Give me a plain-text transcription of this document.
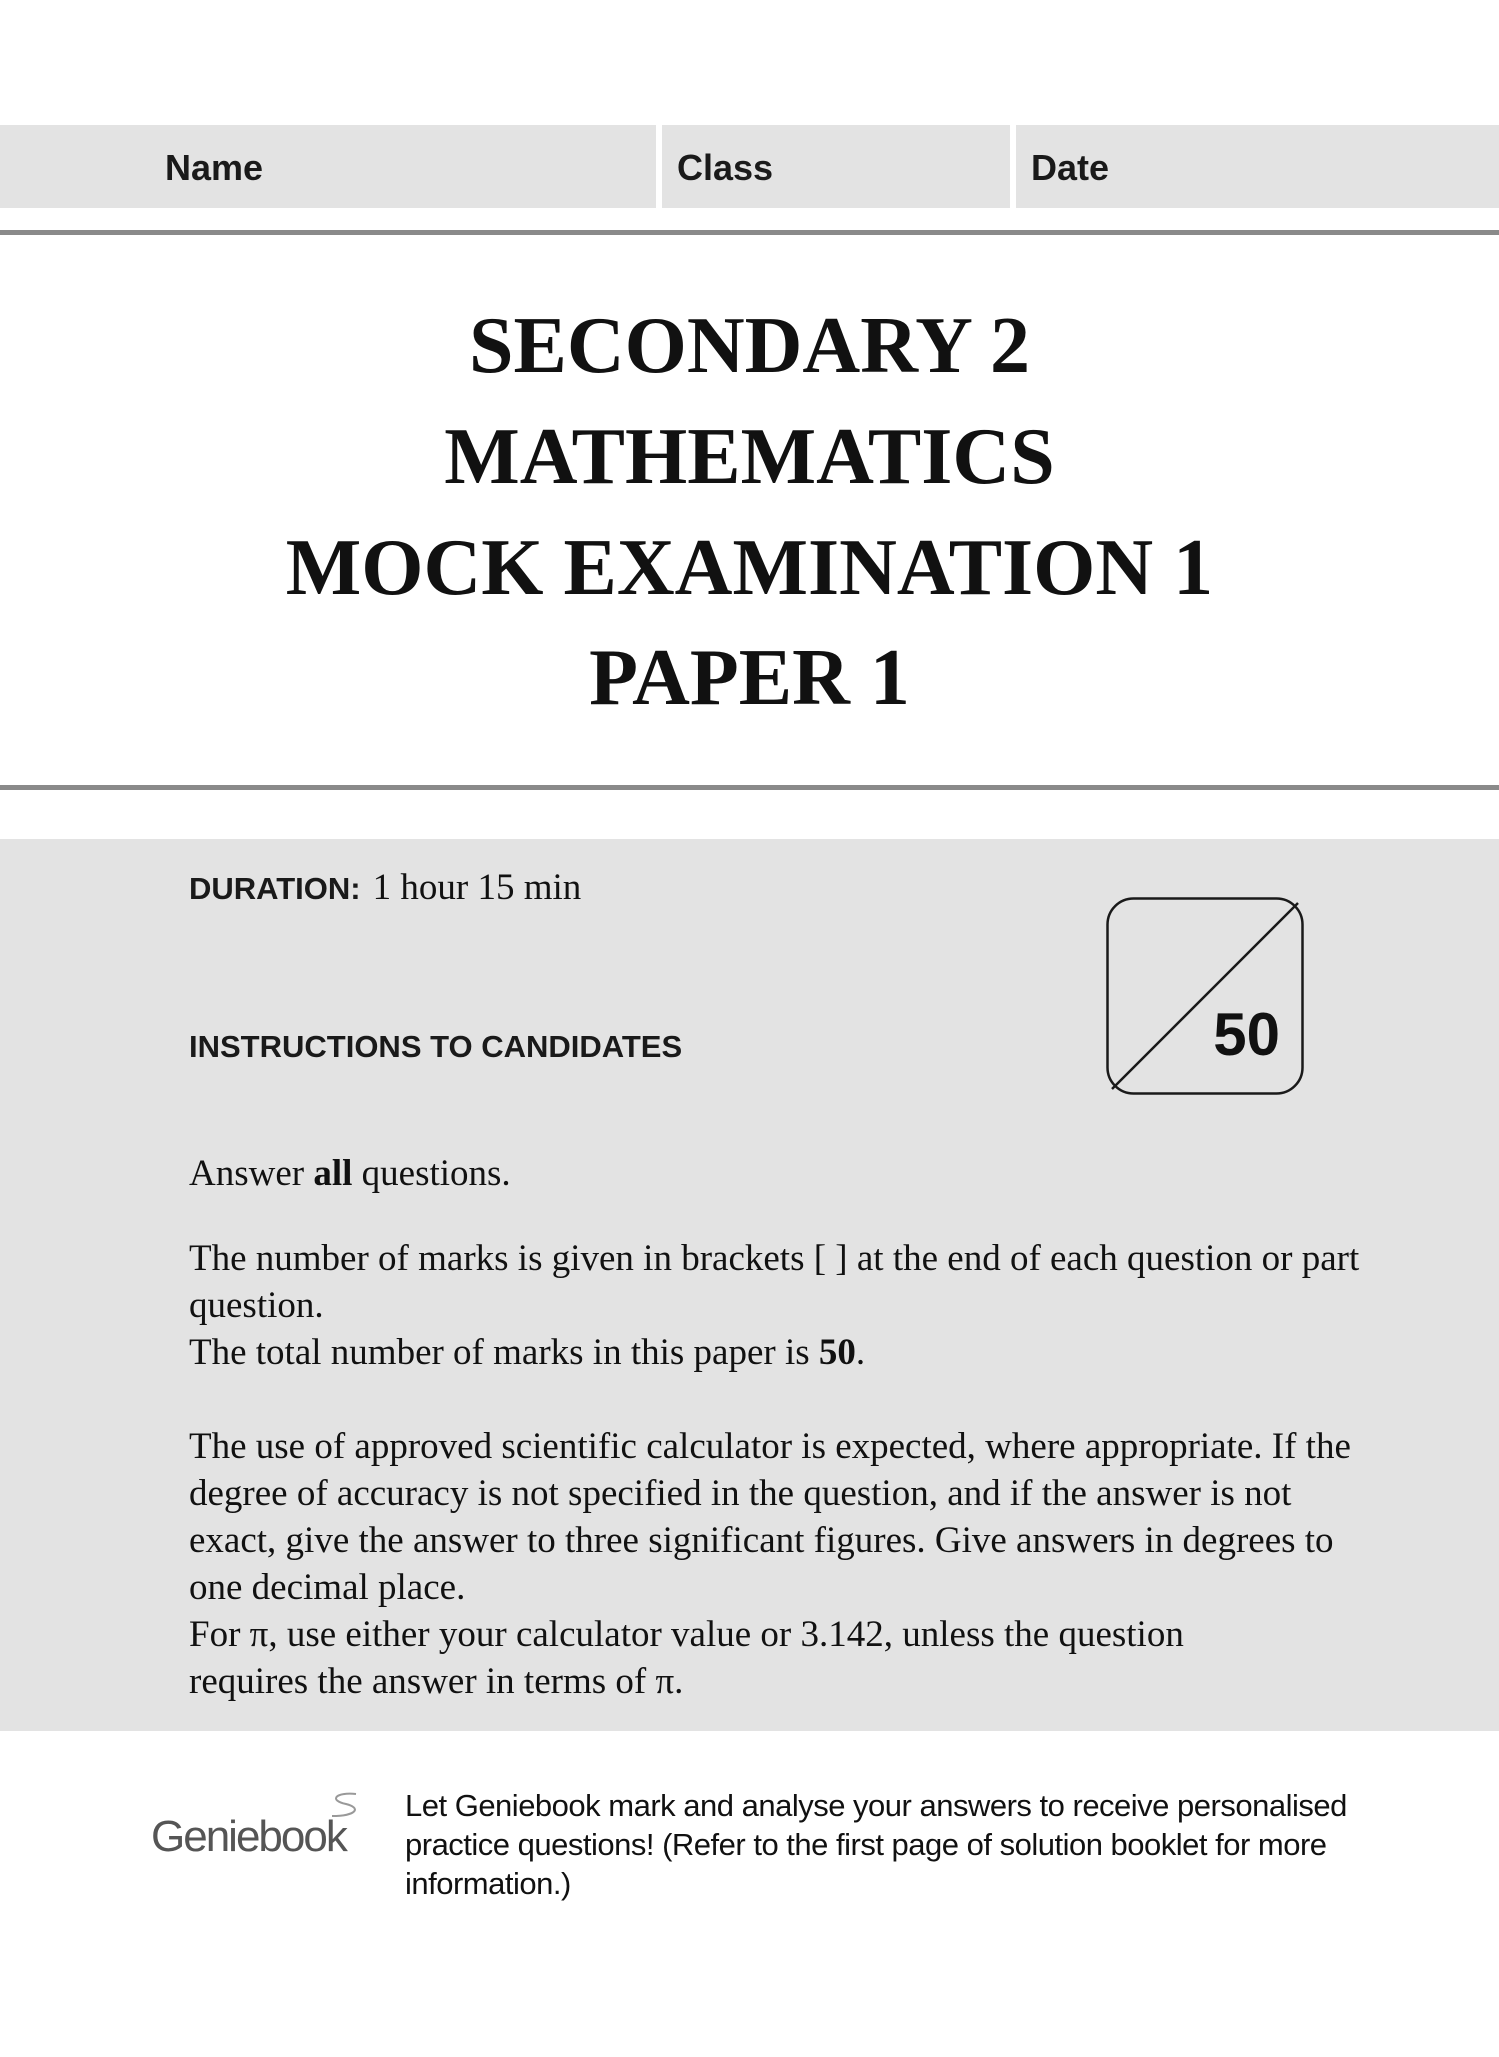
Name	Class	Date
SECONDARY 2
MATHEMATICS
MOCK EXAMINATION 1
PAPER 1
DURATION: 1 hour 15 min
INSTRUCTIONS TO CANDIDATES	50

Answer all questions.

The number of marks is given in brackets [ ] at the end of each question or part question.

The total number of marks in this paper is 50.

The use of approved scientific calculator is expected, where appropriate. If the degree of accuracy is not specified in the question, and if the answer is not exact, give the answer to three significant figures. Give answers in degrees to one decimal place.

For π, use either your calculator value or 3.142, unless the question requires the answer in terms of π.

Geniebook
Let Geniebook mark and analyse your answers to receive personalised practice questions! (Refer to the first page of solution booklet for more information.)
